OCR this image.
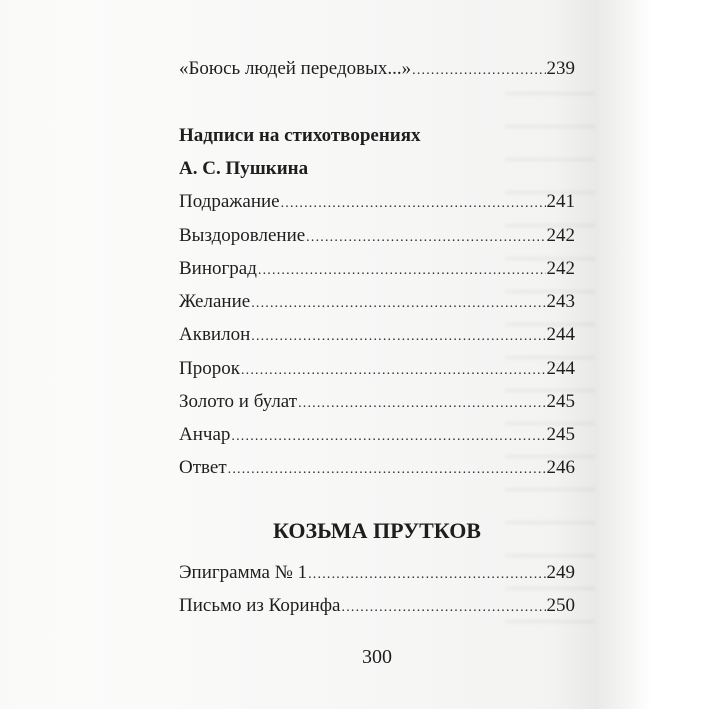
«Боюсь людей передовых...» .....	239
Надписи на стихотворениях
А. С. Пушкина
Подражание .....	241
Выздоровление .....	242
Виноград .....	242
Желание .....	243
Аквилон .....	244
Пророк .....	244
Золото и булат .....	245
Анчар .....	245
Ответ .....	246
КОЗЬМА ПРУТКОВ
Эпиграмма № 1 .....	249
Письмо из Коринфа .....	250
300
